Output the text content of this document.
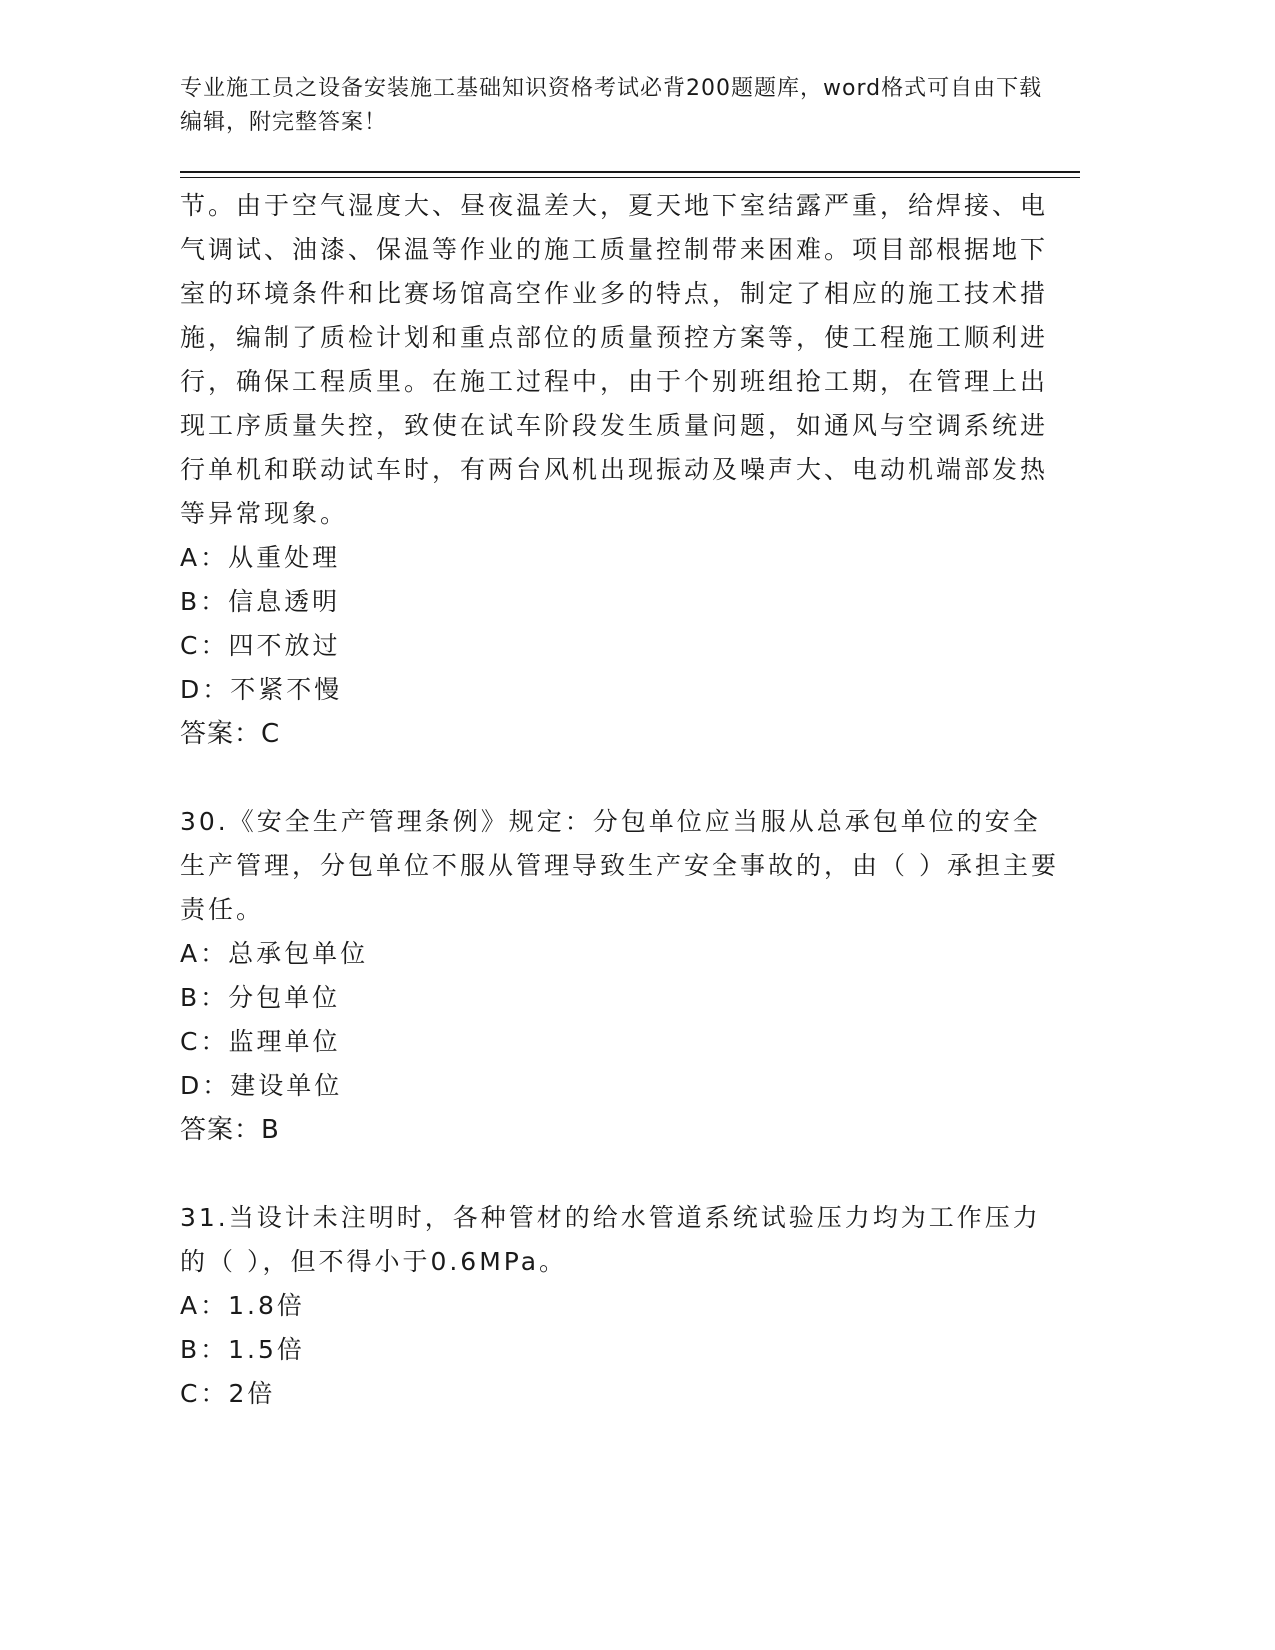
专业施工员之设备安装施工基础知识资格考试必背200题题库，word格式可自由下载编辑，附完整答案！

节。由于空气湿度大、昼夜温差大，夏天地下室结露严重，给焊接、电气调试、油漆、保温等作业的施工质量控制带来困难。项目部根据地下室的环境条件和比赛场馆高空作业多的特点，制定了相应的施工技术措施，编制了质检计划和重点部位的质量预控方案等，使工程施工顺利进行，确保工程质里。在施工过程中，由于个别班组抢工期，在管理上出现工序质量失控，致使在试车阶段发生质量问题，如通风与空调系统进行单机和联动试车时，有两台风机出现振动及噪声大、电动机端部发热等异常现象。

A：从重处理

B：信息透明

C：四不放过

D：不紧不慢

答案：C

30.《安全生产管理条例》规定：分包单位应当服从总承包单位的安全生产管理，分包单位不服从管理导致生产安全事故的，由（ ）承担主要责任。

A：总承包单位

B：分包单位

C：监理单位

D：建设单位

答案：B

31.当设计未注明时，各种管材的给水管道系统试验压力均为工作压力的（ ），但不得小于0.6MPa。

A：1.8倍

B：1.5倍

C：2倍
